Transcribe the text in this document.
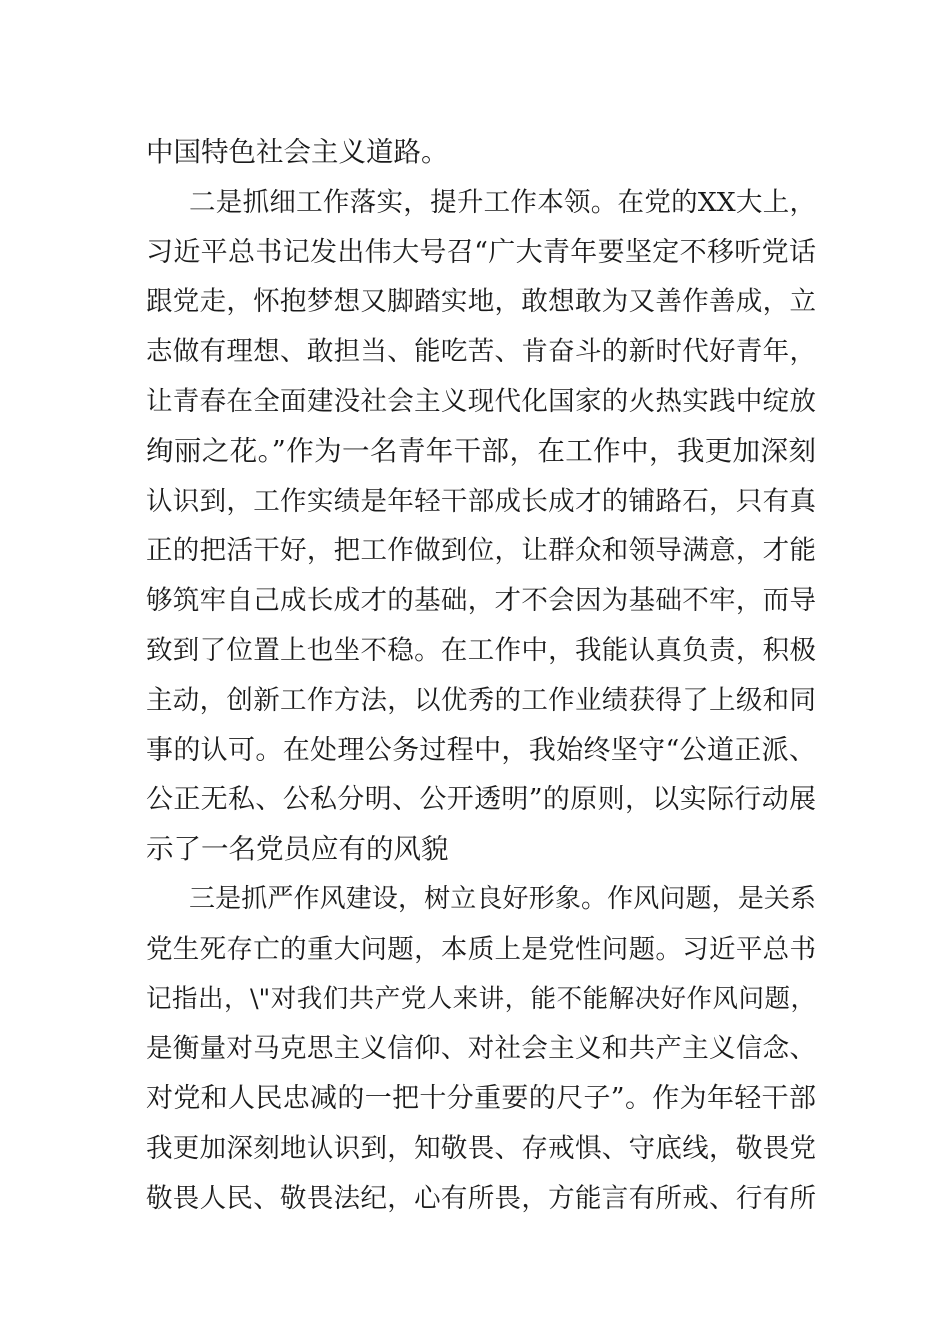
中国特色社会主义道路。
二是抓细工作落实，提升工作本领。在党的XX大上，
习近平总书记发出伟大号召“广大青年要坚定不移听党话
跟党走，怀抱梦想又脚踏实地，敢想敢为又善作善成，立
志做有理想、敢担当、能吃苦、肯奋斗的新时代好青年，
让青春在全面建没社会主义现代化国家的火热实践中绽放
绚丽之花。”作为一名青年干部，在工作中，我更加深刻
认识到，工作实绩是年轻干部成长成才的铺路石，只有真
正的把活干好，把工作做到位，让群众和领导满意，才能
够筑牢自己成长成才的基础，才不会因为基础不牢，而导
致到了位置上也坐不稳。在工作中，我能认真负责，积极
主动，创新工作方法，以优秀的工作业绩获得了上级和同
事的认可。在处理公务过程中，我始终坚守“公道正派、
公正无私、公私分明、公开透明”的原则，以实际行动展
示了一名党员应有的风貌
三是抓严作风建设，树立良好形象。作风问题，是关系
党生死存亡的重大问题，本质上是党性问题。习近平总书
记指出，\"对我们共产党人来讲，能不能解决好作风问题，
是衡量对马克思主义信仰、对社会主义和共产主义信念、
对党和人民忠减的一把十分重要的尺子”。作为年轻干部
我更加深刻地认识到，知敬畏、存戒惧、守底线，敬畏党
敬畏人民、敬畏法纪，心有所畏，方能言有所戒、行有所
